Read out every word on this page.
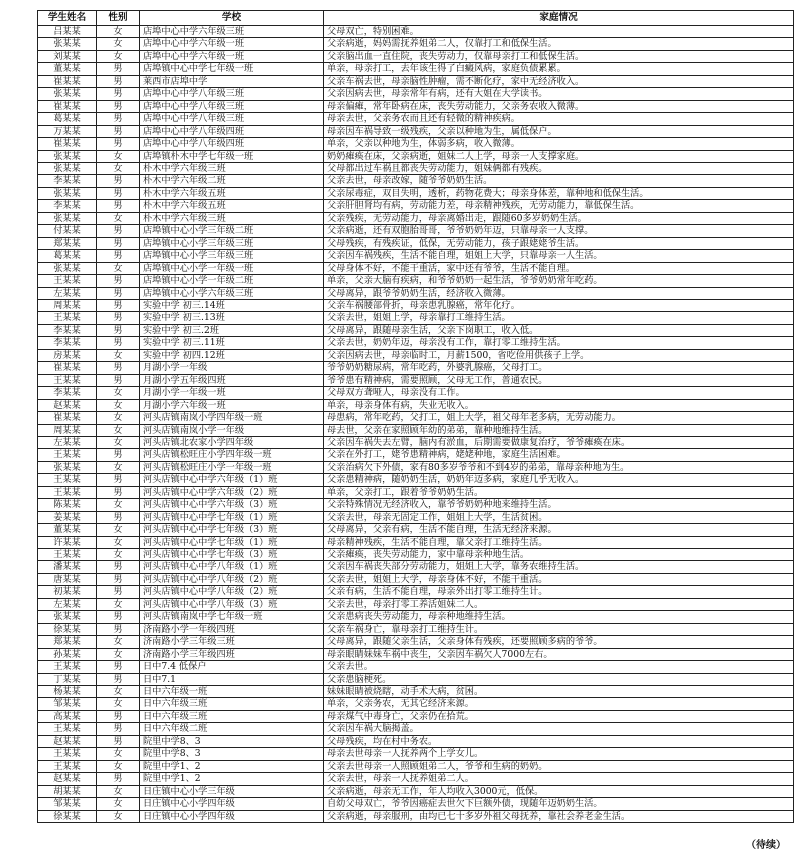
学生姓名	性别	学校	家庭情况
吕某某	女	店埠中心中学六年级三班	父母双亡，特别困难。
张某某	女	店埠中心中学六年级一班	父亲病逝，妈妈需抚养姐弟二人，仅靠打工和低保生活。
刘某某	女	店埠中心中学六年级一班	父亲脑出血一直住院，丧失劳动力，仅靠母亲打工和低保生活。
董某某	男	店埠镇中心中学七年级一班	单亲，母亲打工，去年该生得了白癜风病，家庭负债累累。
崔某某	男	莱西市店埠中学	父亲车祸去世，母亲脑性肿瘤，需不断化疗，家中无经济收入。
张某某	男	店埠中心中学八年级三班	父亲因病去世，母亲常年有病，还有大姐在大学读书。
崔某某	男	店埠中心中学八年级三班	母亲偏瘫，常年卧病在床，丧失劳动能力，父亲务农收入微薄。
葛某某	男	店埠中心中学八年级三班	母亲去世，父亲务农而且还有轻微的精神疾病。
万某某	男	店埠中心中学八年级四班	母亲因车祸导致一级残疾，父亲以种地为生，属低保户。
崔某某	男	店埠中心中学八年级四班	单亲，父亲以种地为生，体弱多病，收入微薄。
张某某	女	店埠镇朴木中学七年级一班	奶奶瘫痪在床，父亲病逝，姐妹二人上学，母亲一人支撑家庭。
张某某	女	朴木中学六年级三班	父母都出过车祸且都丧失劳动能力，姐妹俩都有残疾。
李某某	男	朴木中学六年级二班	父亲去世，母亲改嫁，随爷爷奶奶生活。
张某某	男	朴木中学六年级五班	父亲尿毒症，双目失明，透析，药物花费大；母亲身体差，靠种地和低保生活。
李某某	男	朴木中学六年级五班	父亲肝胆肾均有病，劳动能力差，母亲精神残疾，无劳动能力，靠低保生活。
张某某	女	朴木中学六年级三班	父亲残疾，无劳动能力，母亲离婚出走，跟随60多岁奶奶生活。
付某某	男	店埠镇中心小学三年级二班	父亲病逝，还有双胞胎哥哥，爷爷奶奶年迈，只靠母亲一人支撑。
郑某某	男	店埠镇中心小学三年级三班	父母残疾，有残疾证，低保，无劳动能力，孩子跟姥姥爷生活。
葛某某	男	店埠镇中心小学三年级三班	父亲因车祸残疾，生活不能自理，姐姐上大学，只靠母亲一人生活。
张某某	女	店埠镇中心小学一年级一班	父母身体不好，不能干重活，家中还有爷爷，生活不能自理。
王某某	男	店埠镇中心小学一年级二班	单亲，父亲大脑有疾病，和爷爷奶奶一起生活，爷爷奶奶常年吃药。
左某某	男	店埠镇中心小学六年级三班	父母离异，跟爷爷奶奶生活，经济收入微薄。
周某某	男	实验中学 初三.14班	父亲车祸腰部骨折，母亲患乳腺癌，常年化疗。
王某某	男	实验中学 初三.13班	父亲去世，姐姐上学，母亲靠打工维持生活。
李某某	男	实验中学 初三.2班	父母离异，跟随母亲生活，父亲下岗职工，收入低。
李某某	男	实验中学 初三.11班	父亲去世，奶奶年迈，母亲没有工作，靠打零工维持生活。
房某某	女	实验中学 初四.12班	父亲因病去世，母亲临时工，月薪1500，省吃俭用供孩子上学。
崔某某	男	月湖小学一年级	爷爷奶奶糖尿病，常年吃药，外婆乳腺癌，父母打工。
王某某	男	月湖小学五年级四班	爷爷患有精神病，需要照顾，父母无工作，普通农民。
李某某	女	月湖小学一年级一班	父母双方聋哑人，母亲没有工作。
赵某某	女	月湖小学六年级一班	单亲，母亲身体有病，失业无收入。
崔某某	女	河头店镇南岚小学四年级一班	母患病，常年吃药，父打工，姐上大学，祖父母年老多病，无劳动能力。
周某某	女	河头店镇南岚小学一年级	母去世，父亲在家照顾年幼的弟弟，靠种地维持生活。
左某某	女	河头店镇北农家小学四年级	父亲因车祸失去左臂，脑内有淤血，后期需要做康复治疗，爷爷瘫痪在床。
王某某	男	河头店镇松旺庄小学四年级一班	父亲在外打工，姥爷患精神病，姥姥种地，家庭生活困难。
张某某	女	河头店镇松旺庄小学一年级一班	父亲治病欠下外债，家有80多岁爷爷和不到4岁的弟弟，靠母亲种地为生。
王某某	男	河头店镇中心中学六年级（1）班	父亲患精神病，随奶奶生活，奶奶年迈多病，家庭几乎无收入。
王某某	男	河头店镇中心中学六年级（2）班	单亲，父亲打工，跟着爷爷奶奶生活。
陈某某	女	河头店镇中心中学六年级（3）班	父亲特殊情况无经济收入，靠爷爷奶奶种地来维持生活。
姜某某	男	河头店镇中心中学七年级（1）班	父亲去世，母亲无固定工作，姐姐上大学，生活贫困。
董某某	女	河头店镇中心中学七年级（3）班	父母离异，父亲有病，生活不能自理，生活无经济来源。
许某某	女	河头店镇中心中学七年级（1）班	母亲精神残疾，生活不能自理，靠父亲打工维持生活。
王某某	女	河头店镇中心中学七年级（3）班	父亲瘫痪，丧失劳动能力，家中靠母亲种地生活。
潘某某	男	河头店镇中心中学八年级（1）班	父亲因车祸丧失部分劳动能力，姐姐上大学，靠务农维持生活。
唐某某	男	河头店镇中心中学八年级（2）班	父亲去世，姐姐上大学，母亲身体不好，不能干重活。
初某某	男	河头店镇中心中学八年级（2）班	父亲有病，生活不能自理，母亲外出打零工维持生计。
左某某	女	河头店镇中心中学八年级（3）班	父亲去世，母亲打零工养活姐妹二人。
张某某	男	河头店镇南岚中学七年级一班	父亲患病丧失劳动能力，母亲种地维持生活。
徐某某	男	济南路小学一年级四班	父亲车祸身亡，靠母亲打工维持生计。
郑某某	女	济南路小学三年级三班	父母离异，跟随父亲生活，父亲身体有残疾，还要照顾多病的爷爷。
孙某某	女	济南路小学三年级四班	母亲眼睛妹妹车祸中丧生，父亲因车祸欠人7000左右。
王某某	男	日中7.4 低保户	父亲去世。
丁某某	男	日中7.1	父亲患脑梗死。
杨某某	女	日中六年级一班	妹妹眼睛被烧瞎，动手术大病，贫困。
邹某某	女	日中六年级三班	单亲，父亲务农，无其它经济来源。
高某某	男	日中六年级三班	母亲煤气中毒身亡，父亲仍在拾荒。
王某某	男	日中六年级二班	父亲因车祸大脑揭盖。
赵某某	男	院里中学8、3	父母残疾，均在村中务农。
王某某	女	院里中学8、3	母亲去世母亲一人抚养两个上学女儿。
王某某	女	院里中学1、2	父亲去世母亲一人照顾姐弟二人，爷爷和生病的奶奶。
赵某某	男	院里中学1、2	父亲去世，母亲一人抚养姐弟二人。
胡某某	女	日庄镇中心小学三年级	父亲病逝，母亲无工作，年人均收入3000元，低保。
邹某某	女	日庄镇中心小学四年级	自幼父母双亡，爷爷因癌症去世欠下巨额外债，现随年迈奶奶生活。
徐某某	女	日庄镇中心小学四年级	父亲病逝，母亲服刑，由均已七十多岁外祖父母抚养，靠社会养老金生活。
（待续）
